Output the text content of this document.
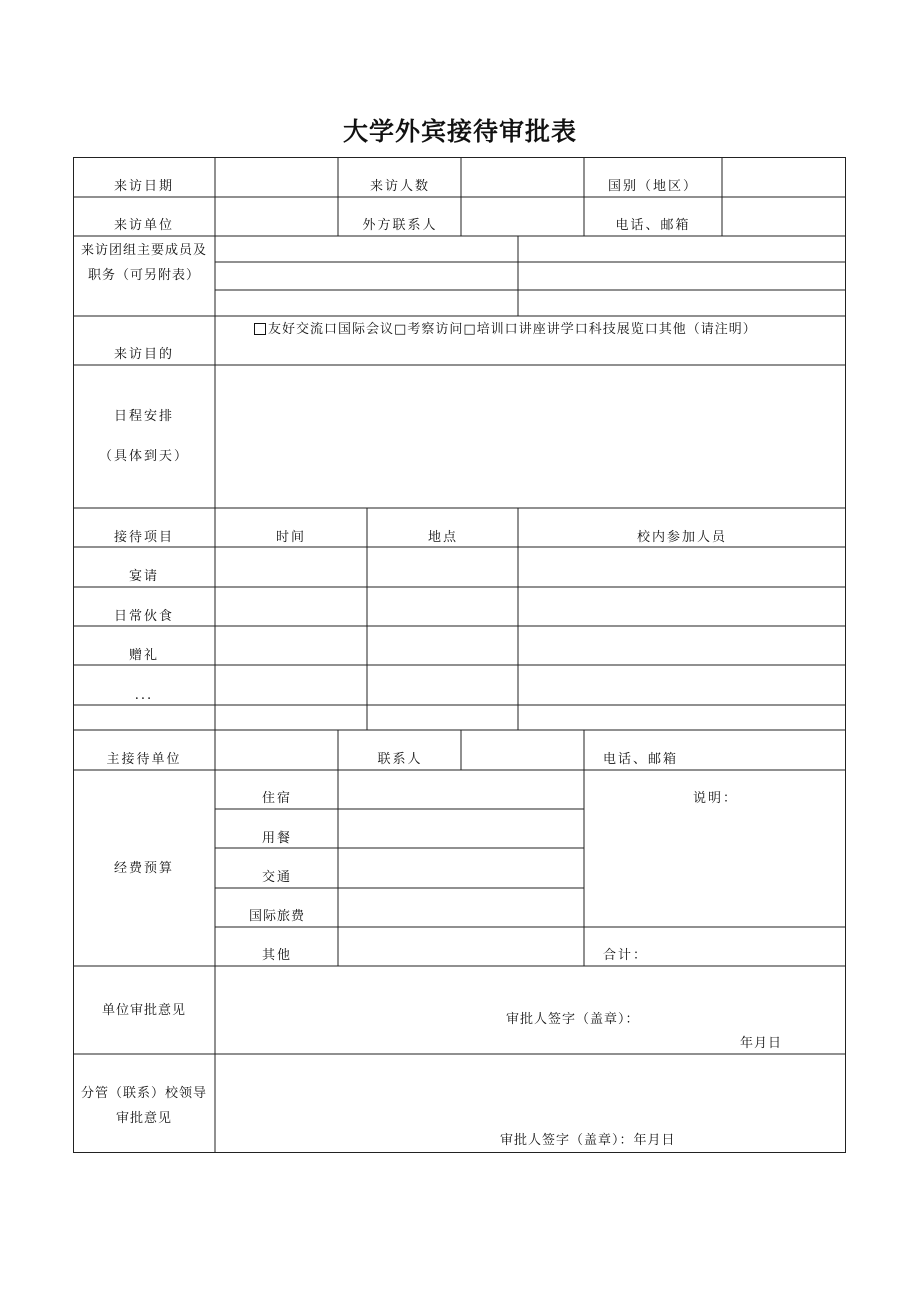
大学外宾接待审批表
来访日期	来访人数	国别（地区）
来访单位	外方联系人	电话、邮箱
来访团组主要成员及
职务（可另附表）
来访目的
友好交流口国际会议□考察访问□培训口讲座讲学口科技展览口其他（请注明）
日程安排
（具体到天）
接待项目	时间	地点	校内参加人员
宴请
日常伙食
赠礼
...
主接待单位	联系人	电话、邮箱
经费预算
住宿
用餐
交通
国际旅费
其他
说明：
合计：
单位审批意见
审批人签字（盖章）：
年月日
分管（联系）校领导
审批意见
审批人签字（盖章）：年月日
